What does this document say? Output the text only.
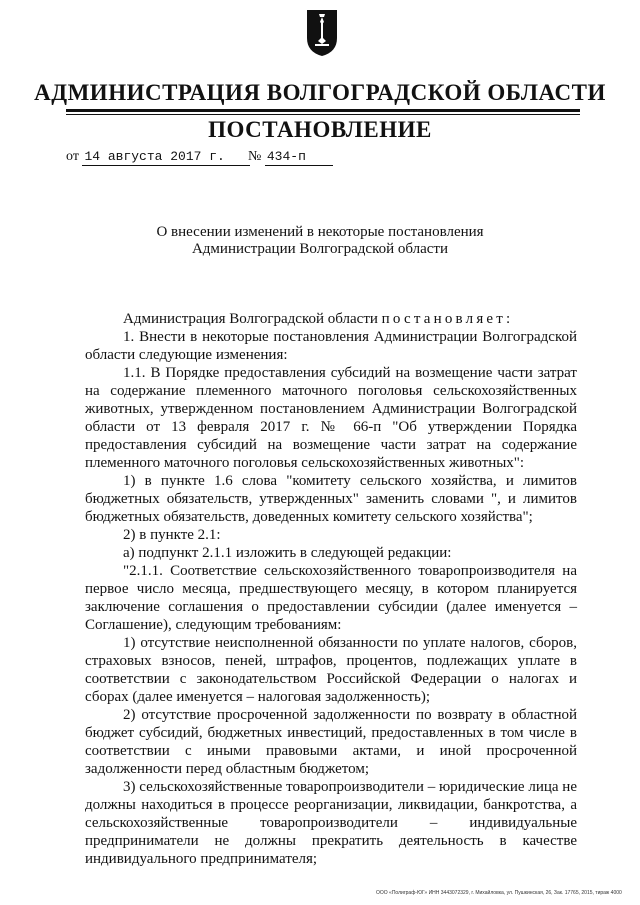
АДМИНИСТРАЦИЯ ВОЛГОГРАДСКОЙ ОБЛАСТИ
ПОСТАНОВЛЕНИЕ
от 14 августа 2017 г.	№ 434-п
О внесении изменений в некоторые постановления
Администрации Волгоградской области

Администрация Волгоградской области постановляет:

1. Внести в некоторые постановления Администрации Волгоградской области следующие изменения:

1.1. В Порядке предоставления субсидий на возмещение части затрат на содержание племенного маточного поголовья сельскохозяйственных животных, утвержденном постановлением Администрации Волгоградской области от 13 февраля 2017 г. № 66-п "Об утверждении Порядка предоставления субсидий на возмещение части затрат на содержание племенного маточного поголовья сельскохозяйственных животных":

1) в пункте 1.6 слова "комитету сельского хозяйства, и лимитов бюджетных обязательств, утвержденных" заменить словами ", и лимитов бюджетных обязательств, доведенных комитету сельского хозяйства";

2) в пункте 2.1:

а) подпункт 2.1.1 изложить в следующей редакции:

"2.1.1. Соответствие сельскохозяйственного товаропроизводителя на первое число месяца, предшествующего месяцу, в котором планируется заключение соглашения о предоставлении субсидии (далее именуется – Соглашение), следующим требованиям:

1) отсутствие неисполненной обязанности по уплате налогов, сборов, страховых взносов, пеней, штрафов, процентов, подлежащих уплате в соответствии с законодательством Российской Федерации о налогах и сборах (далее именуется – налоговая задолженность);

2) отсутствие просроченной задолженности по возврату в областной бюджет субсидий, бюджетных инвестиций, предоставленных в том числе в соответствии с иными правовыми актами, и иной просроченной задолженности перед областным бюджетом;

3) сельскохозяйственные товаропроизводители – юридические лица не должны находиться в процессе реорганизации, ликвидации, банкротства, а сельскохозяйственные товаропроизводители – индивидуальные предприниматели не должны прекратить деятельность в качестве индивидуального предпринимателя;

ООО «Полиграф-ЮГ» ИНН 3443072329, г. Михайловка, ул. Пушкинская, 26, Зак. 17765, 2015, тираж 4000
